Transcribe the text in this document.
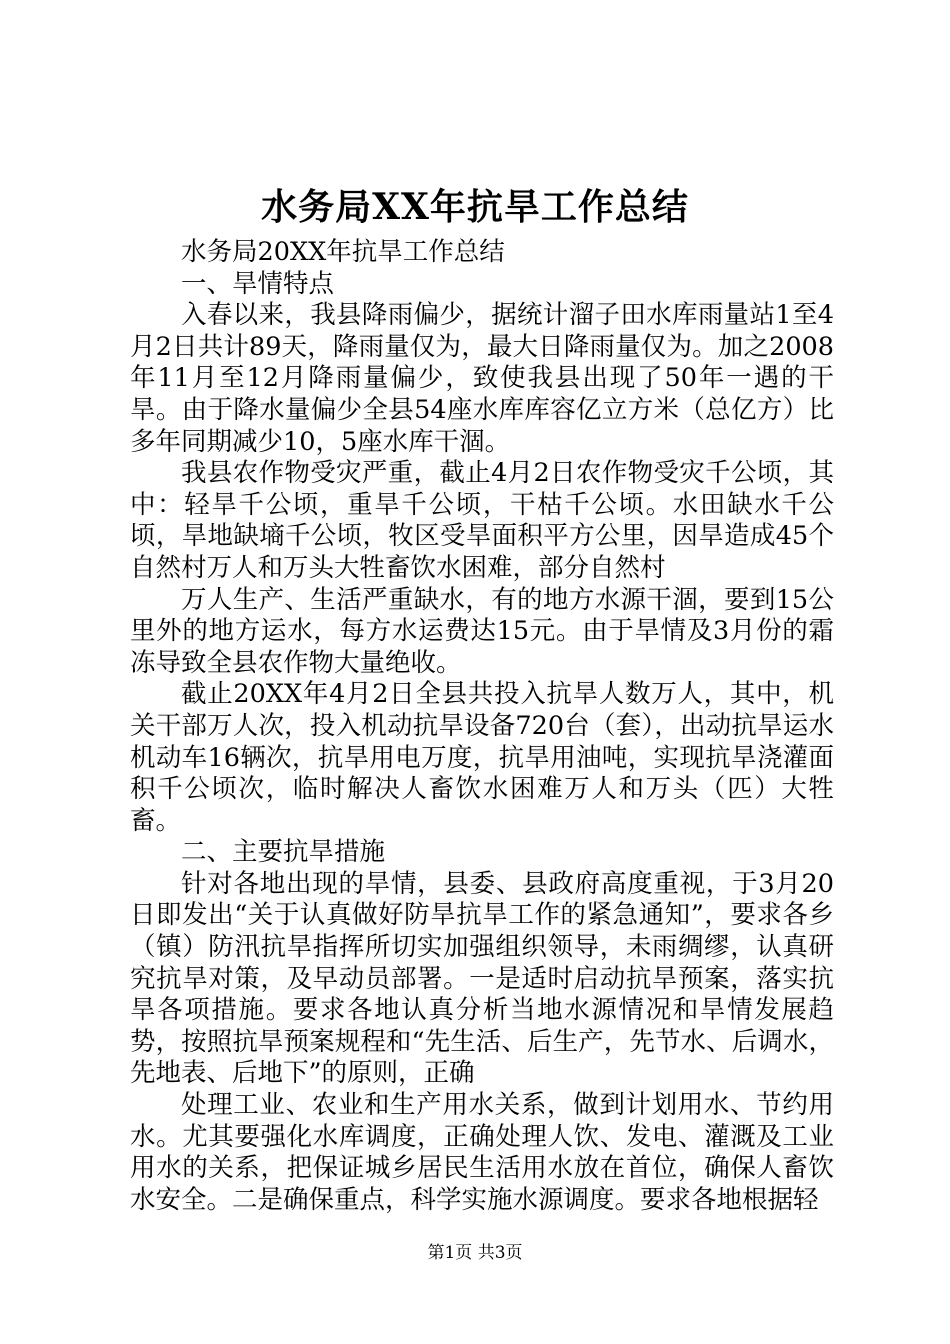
水务局XX年抗旱工作总结

水务局20XX年抗旱工作总结

一、旱情特点

入春以来，我县降雨偏少，据统计溜子田水库雨量站1至4月2日共计89天，降雨量仅为，最大日降雨量仅为。加之2008年11月至12月降雨量偏少，致使我县出现了50年一遇的干旱。由于降水量偏少全县54座水库库容亿立方米（总亿方）比多年同期减少10，5座水库干涸。

我县农作物受灾严重，截止4月2日农作物受灾千公顷，其中：轻旱千公顷，重旱千公顷，干枯千公顷。水田缺水千公顷，旱地缺墒千公顷，牧区受旱面积平方公里，因旱造成45个自然村万人和万头大牲畜饮水困难，部分自然村

万人生产、生活严重缺水，有的地方水源干涸，要到15公里外的地方运水，每方水运费达15元。由于旱情及3月份的霜冻导致全县农作物大量绝收。

截止20XX年4月2日全县共投入抗旱人数万人，其中，机关干部万人次，投入机动抗旱设备720台（套），出动抗旱运水机动车16辆次，抗旱用电万度，抗旱用油吨，实现抗旱浇灌面积千公顷次，临时解决人畜饮水困难万人和万头（匹）大牲畜。

二、主要抗旱措施

针对各地出现的旱情，县委、县政府高度重视，于3月20日即发出“关于认真做好防旱抗旱工作的紧急通知”，要求各乡（镇）防汛抗旱指挥所切实加强组织领导，未雨绸缪，认真研究抗旱对策，及早动员部署。一是适时启动抗旱预案，落实抗旱各项措施。要求各地认真分析当地水源情况和旱情发展趋势，按照抗旱预案规程和“先生活、后生产，先节水、后调水，先地表、后地下”的原则，正确

处理工业、农业和生产用水关系，做到计划用水、节约用水。尤其要强化水库调度，正确处理人饮、发电、灌溉及工业用水的关系，把保证城乡居民生活用水放在首位，确保人畜饮水安全。二是确保重点，科学实施水源调度。要求各地根据轻

第1页 共3页
